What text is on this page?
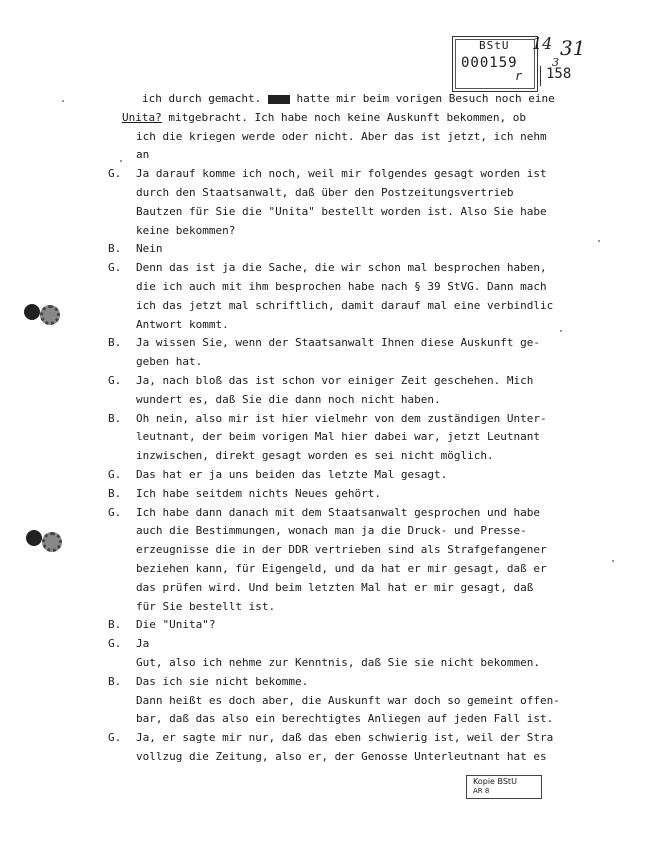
BStU
000159
r
14 31
3
158
ich durch gemacht.	hatte mir beim vorigen Besuch noch eine
Unita? mitgebracht. Ich habe noch keine Auskunft bekommen, ob
ich die kriegen werde oder nicht. Aber das ist jetzt, ich nehm
an
G. Ja darauf komme ich noch, weil mir folgendes gesagt worden ist
durch den Staatsanwalt, daß über den Postzeitungsvertrieb
Bautzen für Sie die "Unita" bestellt worden ist. Also Sie habe
keine bekommen?
B. Nein
G. Denn das ist ja die Sache, die wir schon mal besprochen haben,
die ich auch mit ihm besprochen habe nach § 39 StVG. Dann mach
ich das jetzt mal schriftlich, damit darauf mal eine verbindlic
Antwort kommt.
B. Ja wissen Sie, wenn der Staatsanwalt Ihnen diese Auskunft ge-
geben hat.
G. Ja, nach bloß das ist schon vor einiger Zeit geschehen. Mich
wundert es, daß Sie die dann noch nicht haben.
B. Oh nein, also mir ist hier vielmehr von dem zuständigen Unter-
leutnant, der beim vorigen Mal hier dabei war, jetzt Leutnant
inzwischen, direkt gesagt worden es sei nicht möglich.
G. Das hat er ja uns beiden das letzte Mal gesagt.
B. Ich habe seitdem nichts Neues gehört.
G. Ich habe dann danach mit dem Staatsanwalt gesprochen und habe
auch die Bestimmungen, wonach man ja die Druck- und Presse-
erzeugnisse die in der DDR vertrieben sind als Strafgefangener
beziehen kann, für Eigengeld, und da hat er mir gesagt, daß er
das prüfen wird. Und beim letzten Mal hat er mir gesagt, daß
für Sie bestellt ist.
B. Die "Unita"?
G. Ja
Gut, also ich nehme zur Kenntnis, daß Sie sie nicht bekommen.
B. Das ich sie nicht bekomme.
Dann heißt es doch aber, die Auskunft war doch so gemeint offen-
bar, daß das also ein berechtigtes Anliegen auf jeden Fall ist.
G. Ja, er sagte mir nur, daß das eben schwierig ist, weil der Stra
vollzug die Zeitung, also er, der Genosse Unterleutnant hat es
Kopie BStU
AR 8
